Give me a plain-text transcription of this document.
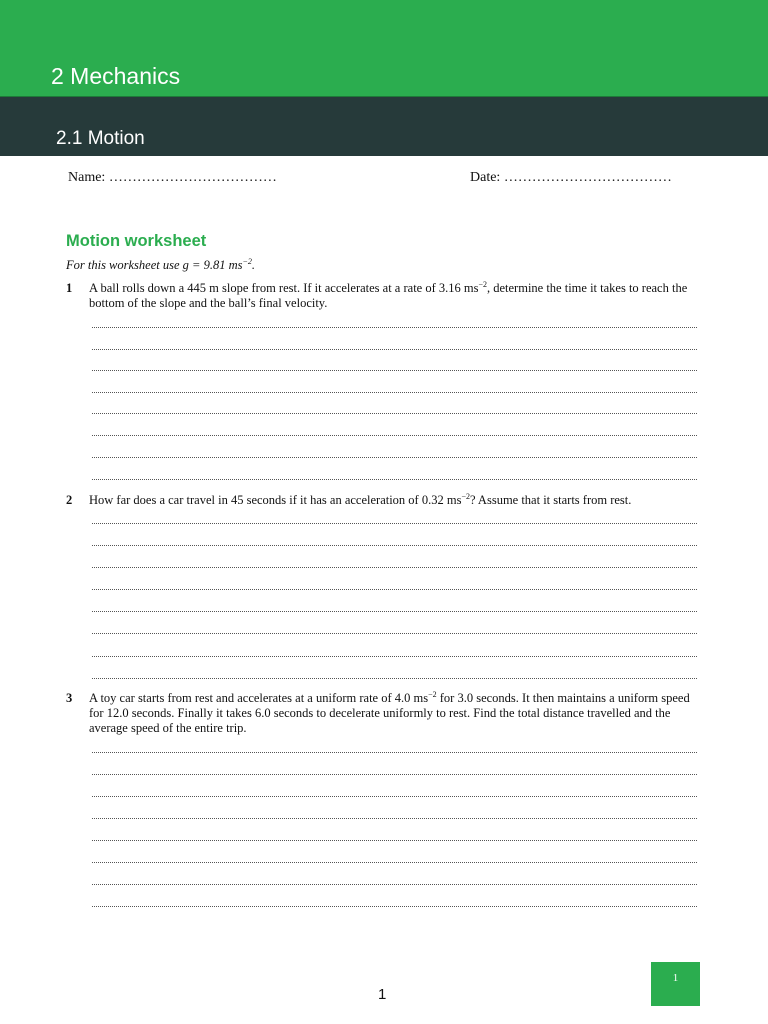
2 Mechanics
2.1 Motion
Name: ………………………………	Date: ………………………………
Motion worksheet
For this worksheet use g = 9.81 $ms^{-2}$.
1 A ball rolls down a 445 m slope from rest. If it accelerates at a rate of 3.16 $ms^{-2}$, determine the time it takes to reach the bottom of the slope and the ball’s final velocity.
2 How far does a car travel in 45 seconds if it has an acceleration of 0.32 $ms^{-2}$? Assume that it starts from rest.
3 A toy car starts from rest and accelerates at a uniform rate of 4.0 $ms^{-2}$ for 3.0 seconds. It then maintains a uniform speed for 12.0 seconds. Finally it takes 6.0 seconds to decelerate uniformly to rest. Find the total distance travelled and the average speed of the entire trip.
1
1
